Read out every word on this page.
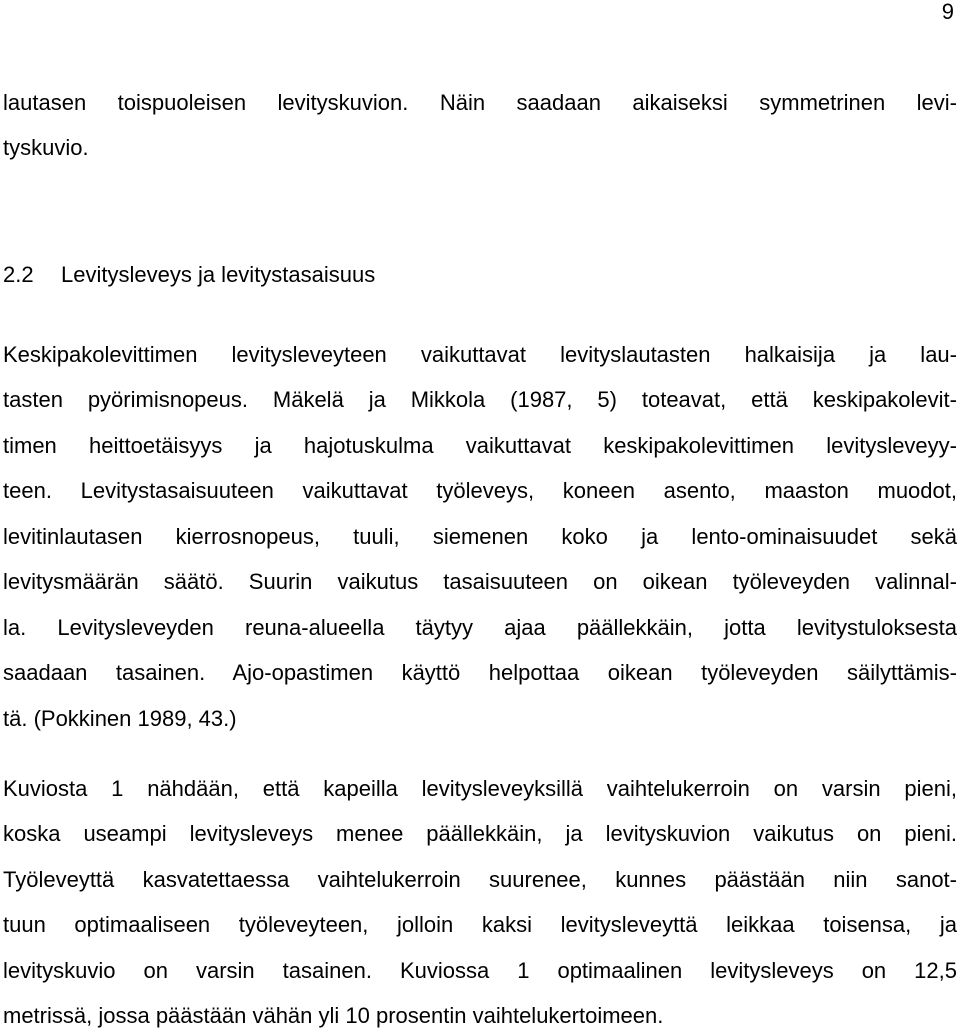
9
lautasen toispuoleisen levityskuvion. Näin saadaan aikaiseksi symmetrinen levi-
tyskuvio.
2.2 Levitysleveys ja levitystasaisuus
Keskipakolevittimen levitysleveyteen vaikuttavat levityslautasten halkaisija ja lau-
tasten pyörimisnopeus. Mäkelä ja Mikkola (1987, 5) toteavat, että keskipakolevit-
timen heittoetäisyys ja hajotuskulma vaikuttavat keskipakolevittimen levitysleveyy-
teen. Levitystasaisuuteen vaikuttavat työleveys, koneen asento, maaston muodot,
levitinlautasen kierrosnopeus, tuuli, siemenen koko ja lento-ominaisuudet sekä
levitysmäärän säätö. Suurin vaikutus tasaisuuteen on oikean työleveyden valinnal-
la. Levitysleveyden reuna-alueella täytyy ajaa päällekkäin, jotta levitystuloksesta
saadaan tasainen. Ajo-opastimen käyttö helpottaa oikean työleveyden säilyttämis-
tä. (Pokkinen 1989, 43.)
Kuviosta 1 nähdään, että kapeilla levitysleveyksillä vaihtelukerroin on varsin pieni,
koska useampi levitysleveys menee päällekkäin, ja levityskuvion vaikutus on pieni.
Työleveyttä kasvatettaessa vaihtelukerroin suurenee, kunnes päästään niin sanot-
tuun optimaaliseen työleveyteen, jolloin kaksi levitysleveyttä leikkaa toisensa, ja
levityskuvio on varsin tasainen. Kuviossa 1 optimaalinen levitysleveys on 12,5
metrissä, jossa päästään vähän yli 10 prosentin vaihtelukertoimeen.
